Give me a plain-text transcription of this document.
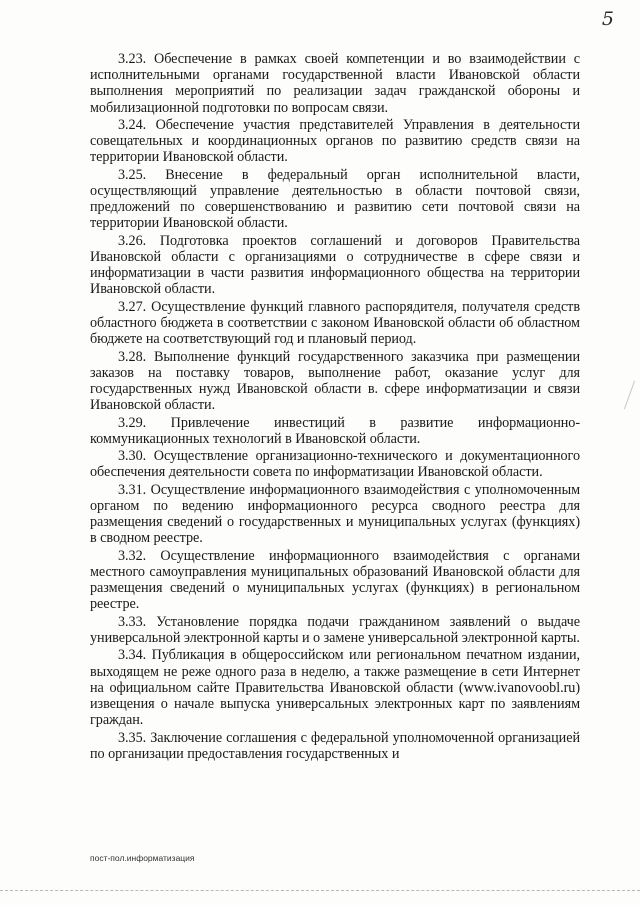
5

3.23. Обеспечение в рамках своей компетенции и во взаимодействии с исполнительными органами государственной власти Ивановской области выполнения мероприятий по реализации задач гражданской обороны и мобилизационной подготовки по вопросам связи.

3.24. Обеспечение участия представителей Управления в деятельности совещательных и координационных органов по развитию средств связи на территории Ивановской области.

3.25. Внесение в федеральный орган исполнительной власти, осуществляющий управление деятельностью в области почтовой связи, предложений по совершенствованию и развитию сети почтовой связи на территории Ивановской области.

3.26. Подготовка проектов соглашений и договоров Правительства Ивановской области с организациями о сотрудничестве в сфере связи и информатизации в части развития информационного общества на территории Ивановской области.

3.27. Осуществление функций главного распорядителя, получателя средств областного бюджета в соответствии с законом Ивановской области об областном бюджете на соответствующий год и плановый период.

3.28. Выполнение функций государственного заказчика при размещении заказов на поставку товаров, выполнение работ, оказание услуг для государственных нужд Ивановской области в. сфере информатизации и связи Ивановской области.

3.29. Привлечение инвестиций в развитие информационно-коммуникационных технологий в Ивановской области.

3.30. Осуществление организационно-технического и документационного обеспечения деятельности совета по информатизации Ивановской области.

3.31. Осуществление информационного взаимодействия с уполномоченным органом по ведению информационного ресурса сводного реестра для размещения сведений о государственных и муниципальных услугах (функциях) в сводном реестре.

3.32. Осуществление информационного взаимодействия с органами местного самоуправления муниципальных образований Ивановской области для размещения сведений о муниципальных услугах (функциях) в региональном реестре.

3.33. Установление порядка подачи гражданином заявлений о выдаче универсальной электронной карты и о замене универсальной электронной карты.

3.34. Публикация в общероссийском или региональном печатном издании, выходящем не реже одного раза в неделю, а также размещение в сети Интернет на официальном сайте Правительства Ивановской области (www.ivanovoobl.ru) извещения о начале выпуска универсальных электронных карт по заявлениям граждан.

3.35. Заключение соглашения с федеральной уполномоченной организацией по организации предоставления государственных и

пост-пол.информатизация
